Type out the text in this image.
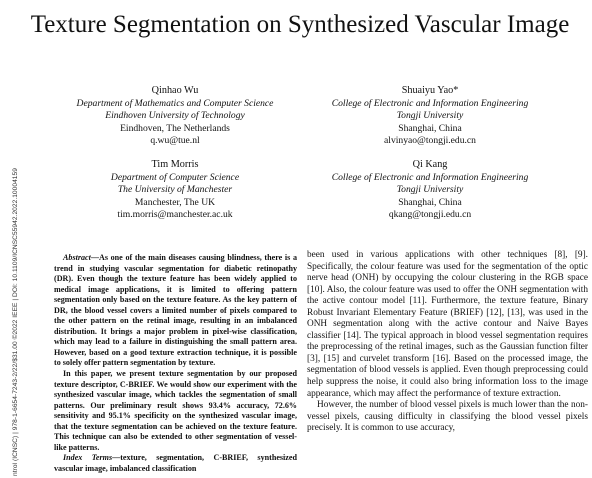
ntrol (ICNSC) | 978-1-6654-7243-2/22/$31.00 ©2022 IEEE | DOI: 10.1109/ICNSC55942.2022.10004159
Texture Segmentation on Synthesized Vascular Image
Qinhao Wu
Department of Mathematics and Computer Science
Eindhoven University of Technology
Eindhoven, The Netherlands
q.wu@tue.nl
Shuaiyu Yao*
College of Electronic and Information Engineering
Tongji University
Shanghai, China
alvinyao@tongji.edu.cn
Tim Morris
Department of Computer Science
The University of Manchester
Manchester, The UK
tim.morris@manchester.ac.uk
Qi Kang
College of Electronic and Information Engineering
Tongji University
Shanghai, China
qkang@tongji.edu.cn

Abstract—As one of the main diseases causing blindness, there is a trend in studying vascular segmentation for diabetic retinopathy (DR). Even though the texture feature has been widely applied to medical image applications, it is limited to offering pattern segmentation only based on the texture feature. As the key pattern of DR, the blood vessel covers a limited number of pixels compared to the other pattern on the retinal image, resulting in an imbalanced distribution. It brings a major problem in pixel-wise classification, which may lead to a failure in distinguishing the small pattern area. However, based on a good texture extraction technique, it is possible to solely offer pattern segmentation by texture.

In this paper, we present texture segmentation by our proposed texture descriptor, C-BRIEF. We would show our experiment with the synthesized vascular image, which tackles the segmentation of small patterns. Our preliminary result shows 93.4% accuracy, 72.6% sensitivity and 95.1% specificity on the synthesized vascular image, that the texture segmentation can be achieved on the texture feature. This technique can also be extended to other segmentation of vessel-like patterns.

Index Terms—texture, segmentation, C-BRIEF, synthesized vascular image, imbalanced classification

been used in various applications with other techniques [8], [9]. Specifically, the colour feature was used for the segmentation of the optic nerve head (ONH) by occupying the colour clustering in the RGB space [10]. Also, the colour feature was used to offer the ONH segmentation with the active contour model [11]. Furthermore, the texture feature, Binary Robust Invariant Elementary Feature (BRIEF) [12], [13], was used in the ONH segmentation along with the active contour and Naive Bayes classifier [14]. The typical approach in blood vessel segmentation requires the preprocessing of the retinal images, such as the Gaussian function filter [3], [15] and curvelet transform [16]. Based on the processed image, the segmentation of blood vessels is applied. Even though preprocessing could help suppress the noise, it could also bring information loss to the image appearance, which may affect the performance of texture extraction.

However, the number of blood vessel pixels is much lower than the non-vessel pixels, causing difficulty in classifying the blood vessel pixels precisely. It is common to use accuracy,
